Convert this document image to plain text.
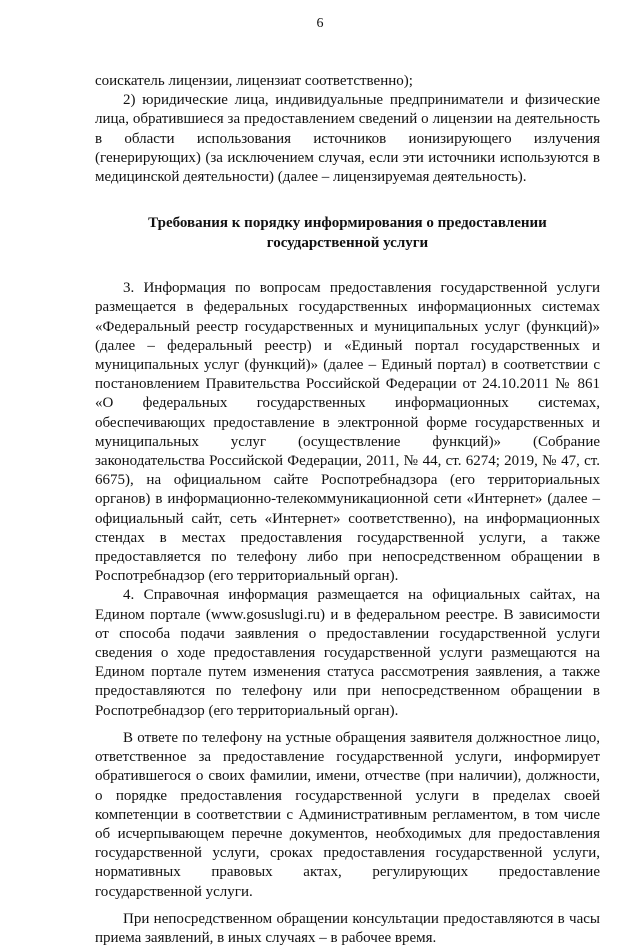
6

соискатель лицензии, лицензиат соответственно);

2) юридические лица, индивидуальные предприниматели и физические лица, обратившиеся за предоставлением сведений о лицензии на деятельность в области использования источников ионизирующего излучения (генерирующих) (за исключением случая, если эти источники используются в медицинской деятельности) (далее – лицензируемая деятельность).

Требования к порядку информирования о предоставлении государственной услуги

3. Информация по вопросам предоставления государственной услуги размещается в федеральных государственных информационных системах «Федеральный реестр государственных и муниципальных услуг (функций)» (далее – федеральный реестр) и «Единый портал государственных и муниципальных услуг (функций)» (далее – Единый портал) в соответствии с постановлением Правительства Российской Федерации от 24.10.2011 № 861 «О федеральных государственных информационных системах, обеспечивающих предоставление в электронной форме государственных и муниципальных услуг (осуществление функций)» (Собрание законодательства Российской Федерации, 2011, № 44, ст. 6274; 2019, № 47, ст. 6675), на официальном сайте Роспотребнадзора (его территориальных органов) в информационно-телекоммуникационной сети «Интернет» (далее – официальный сайт, сеть «Интернет» соответственно), на информационных стендах в местах предоставления государственной услуги, а также предоставляется по телефону либо при непосредственном обращении в Роспотребнадзор (его территориальный орган).

4. Справочная информация размещается на официальных сайтах, на Едином портале (www.gosuslugi.ru) и в федеральном реестре. В зависимости от способа подачи заявления о предоставлении государственной услуги сведения о ходе предоставления государственной услуги размещаются на Едином портале путем изменения статуса рассмотрения заявления, а также предоставляются по телефону или при непосредственном обращении в Роспотребнадзор (его территориальный орган).

В ответе по телефону на устные обращения заявителя должностное лицо, ответственное за предоставление государственной услуги, информирует обратившегося о своих фамилии, имени, отчестве (при наличии), должности, о порядке предоставления государственной услуги в пределах своей компетенции в соответствии с Административным регламентом, в том числе об исчерпывающем перечне документов, необходимых для предоставления государственной услуги, сроках предоставления государственной услуги, нормативных правовых актах, регулирующих предоставление государственной услуги.

При непосредственном обращении консультации предоставляются в часы приема заявлений, в иных случаях – в рабочее время.
